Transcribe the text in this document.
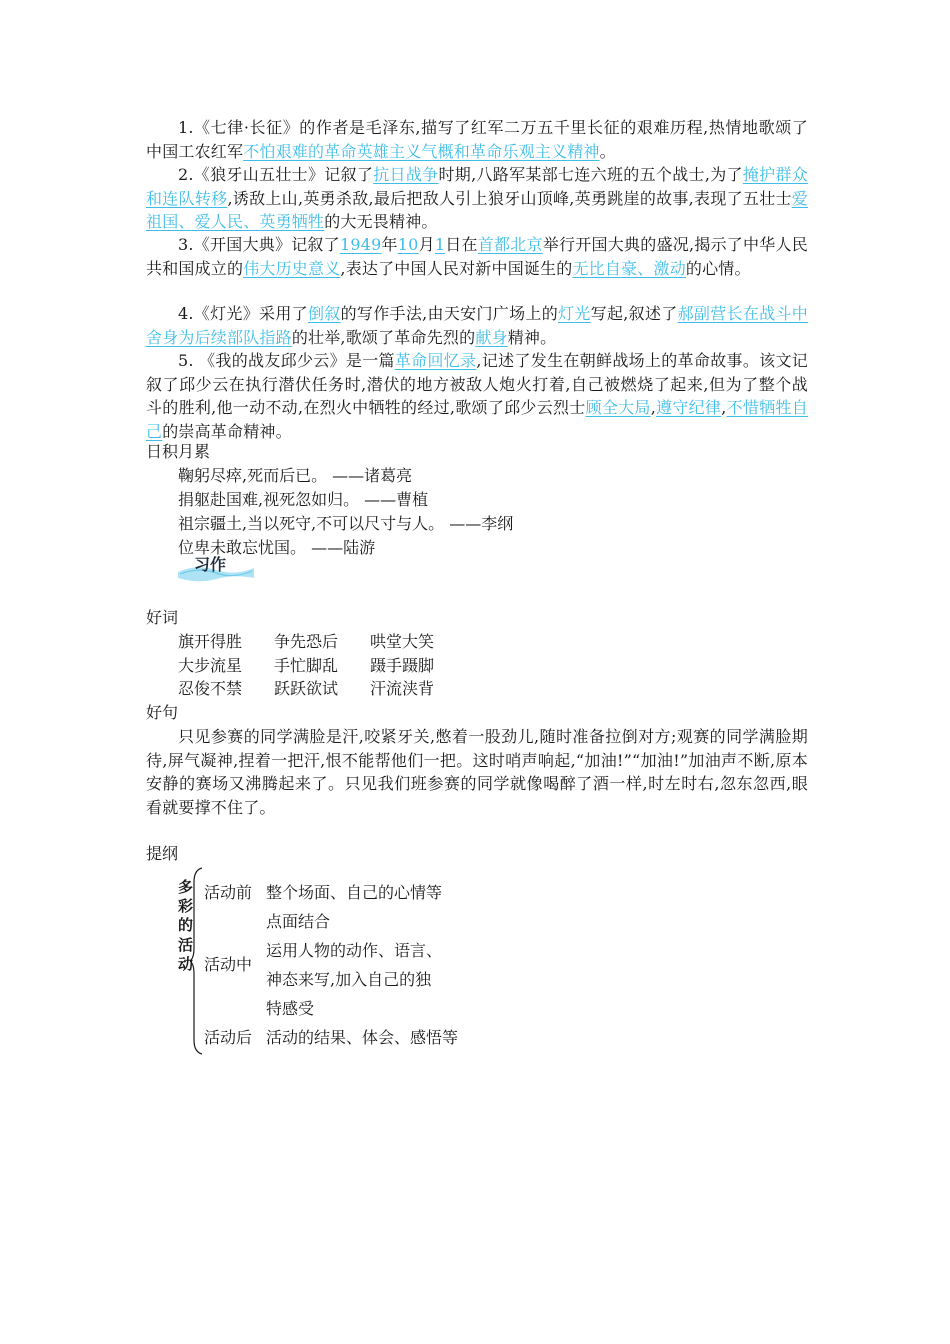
1.《七律·长征》的作者是毛泽东,描写了红军二万五千里长征的艰难历程,热情地歌颂了中国工农红军不怕艰难的革命英雄主义气概和革命乐观主义精神。

2.《狼牙山五壮士》记叙了抗日战争时期,八路军某部七连六班的五个战士,为了掩护群众和连队转移,诱敌上山,英勇杀敌,最后把敌人引上狼牙山顶峰,英勇跳崖的故事,表现了五壮士爱祖国、爱人民、英勇牺牲的大无畏精神。

3.《开国大典》记叙了1949年10月1日在首都北京举行开国大典的盛况,揭示了中华人民共和国成立的伟大历史意义,表达了中国人民对新中国诞生的无比自豪、激动的心情。

4.《灯光》采用了倒叙的写作手法,由天安门广场上的灯光写起,叙述了郝副营长在战斗中舍身为后续部队指路的壮举,歌颂了革命先烈的献身精神。

5. 《我的战友邱少云》是一篇革命回忆录,记述了发生在朝鲜战场上的革命故事。该文记叙了邱少云在执行潜伏任务时,潜伏的地方被敌人炮火打着,自己被燃烧了起来,但为了整个战斗的胜利,他一动不动,在烈火中牺牲的经过,歌颂了邱少云烈士顾全大局,遵守纪律,不惜牺牲自己的崇高革命精神。

日积月累
鞠躬尽瘁,死而后已。 ——诸葛亮
捐躯赴国难,视死忽如归。 ——曹植
祖宗疆土,当以死守,不可以尺寸与人。 ——李纲
位卑未敢忘忧国。 ——陆游
习作
好词
旗开得胜 争先恐后 哄堂大笑
大步流星 手忙脚乱 蹑手蹑脚
忍俊不禁 跃跃欲试 汗流浃背
好句

只见参赛的同学满脸是汗,咬紧牙关,憋着一股劲儿,随时准备拉倒对方;观赛的同学满脸期待,屏气凝神,捏着一把汗,恨不能帮他们一把。这时哨声响起,“加油!”“加油!”加油声不断,原本安静的赛场又沸腾起来了。只见我们班参赛的同学就像喝醉了酒一样,时左时右,忽东忽西,眼看就要撑不住了。

提纲
多彩的活动
活动前 整个场面、自己的心情等
点面结合
活动中
运用人物的动作、语言、
神态来写,加入自己的独
特感受
活动后 活动的结果、体会、感悟等
